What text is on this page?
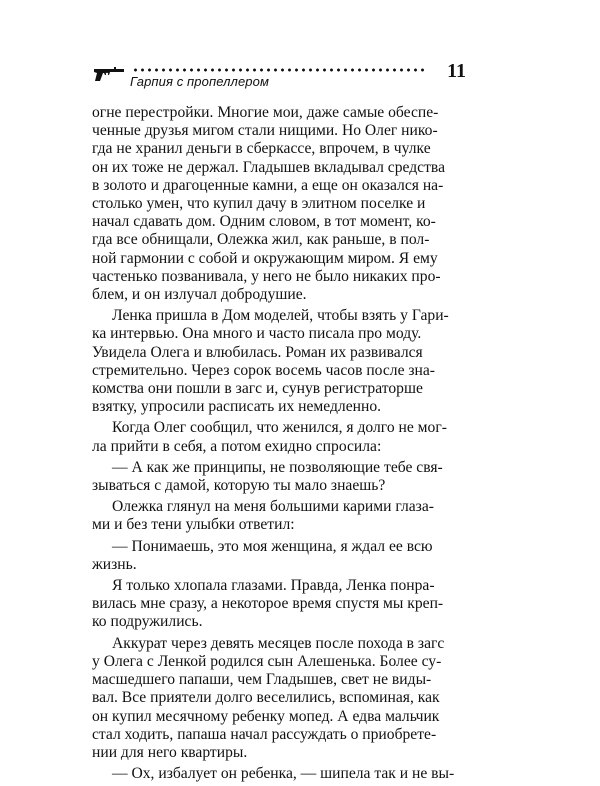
Гарпия с пропеллером	11

огне перестройки. Многие мои, даже самые обеспе-
ченные друзья мигом стали нищими. Но Олег нико-
гда не хранил деньги в сберкассе, впрочем, в чулке
он их тоже не держал. Гладышев вкладывал средства
в золото и драгоценные камни, а еще он оказался на-
столько умен, что купил дачу в элитном поселке и
начал сдавать дом. Одним словом, в тот момент, ко-
гда все обнищали, Олежка жил, как раньше, в пол-
ной гармонии с собой и окружающим миром. Я ему
частенько позванивала, у него не было никаких про-
блем, и он излучал добродушие.

Ленка пришла в Дом моделей, чтобы взять у Гари-
ка интервью. Она много и часто писала про моду.
Увидела Олега и влюбилась. Роман их развивался
стремительно. Через сорок восемь часов после зна-
комства они пошли в загс и, сунув регистраторше
взятку, упросили расписать их немедленно.

Когда Олег сообщил, что женился, я долго не мог-
ла прийти в себя, а потом ехидно спросила:

— А как же принципы, не позволяющие тебе свя-
зываться с дамой, которую ты мало знаешь?

Олежка глянул на меня большими карими глаза-
ми и без тени улыбки ответил:

— Понимаешь, это моя женщина, я ждал ее всю
жизнь.

Я только хлопала глазами. Правда, Ленка понра-
вилась мне сразу, а некоторое время спустя мы креп-
ко подружились.

Аккурат через девять месяцев после похода в загс
у Олега с Ленкой родился сын Алешенька. Более су-
масшедшего папаши, чем Гладышев, свет не виды-
вал. Все приятели долго веселились, вспоминая, как
он купил месячному ребенку мопед. А едва мальчик
стал ходить, папаша начал рассуждать о приобрете-
нии для него квартиры.

— Ох, избалует он ребенка, — шипела так и не вы-
